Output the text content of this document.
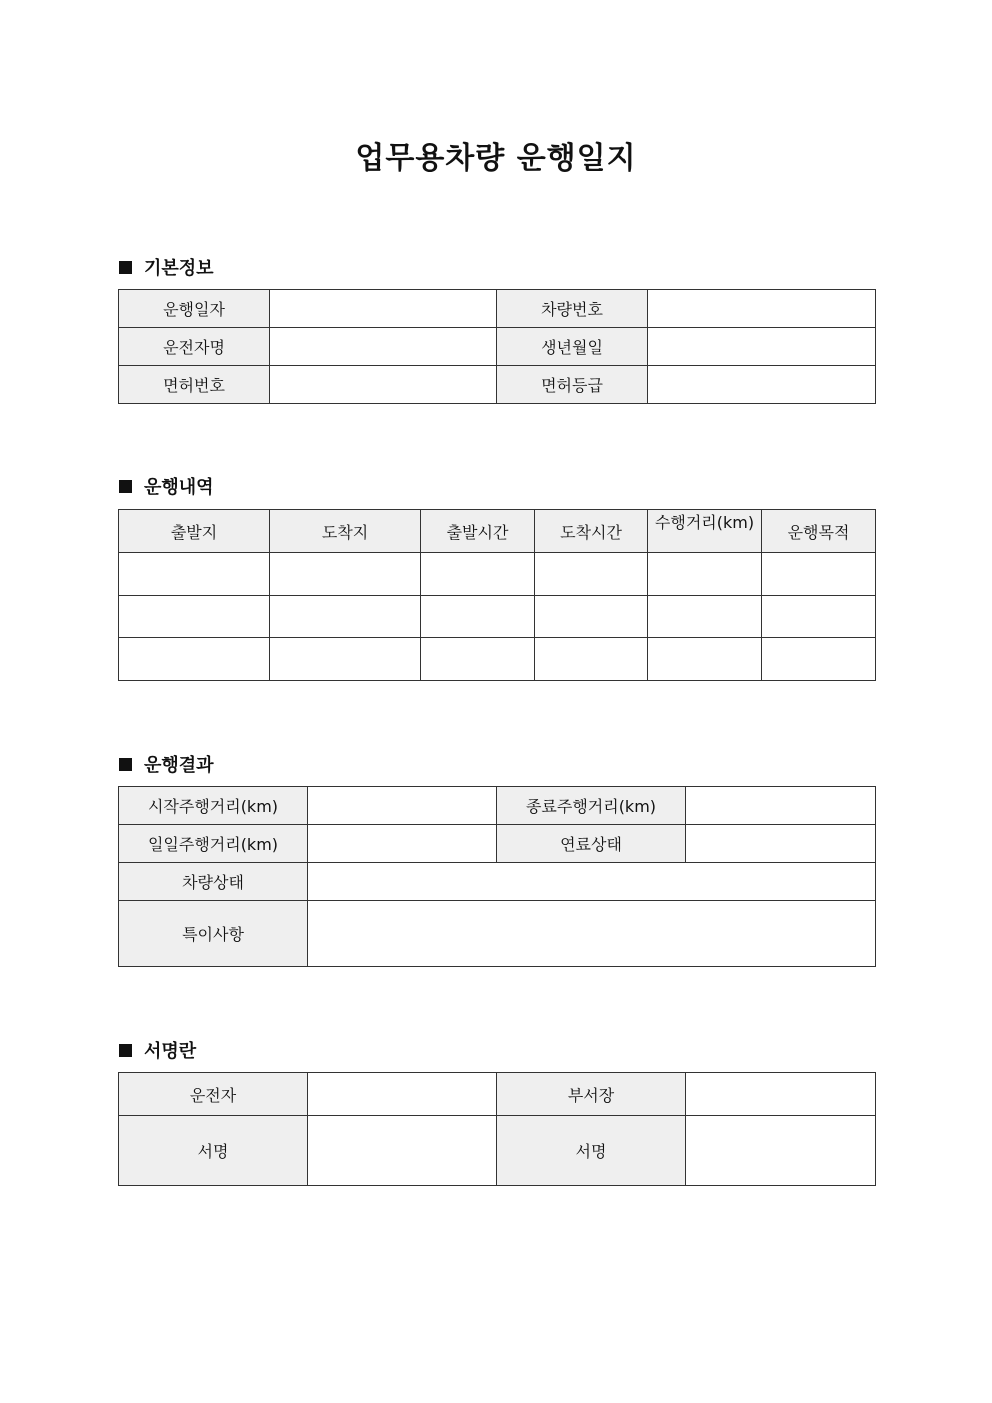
업무용차량 운행일지
기본정보
운행일자		차량번호	
운전자명		생년월일	
면허번호		면허등급	
운행내역
출발지	도착지	출발시간	도착시간	수행거리(km)	운행목적

운행결과
시작주행거리(km)		종료주행거리(km)	
일일주행거리(km)		연료상태	
차량상태			
특이사항			
서명란
운전자		부서장	
서명		서명	
